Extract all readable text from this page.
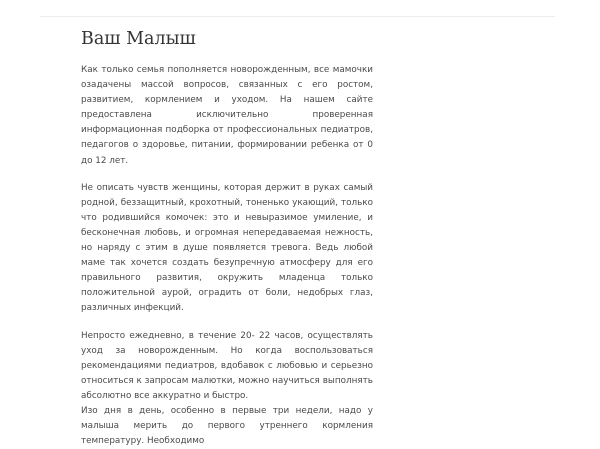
Ваш Малыш

Как только семья пополняется новорожденным, все мамочки озадачены массой вопросов, связанных с его ростом, развитием, кормлением и уходом. На нашем сайте предоставлена исключительно проверенная информационная подборка от профессиональных педиатров, педагогов о здоровье, питании, формировании ребенка от 0 до 12 лет.

Не описать чувств женщины, которая держит в руках самый родной, беззащитный, крохотный, тоненько укающий, только что родившийся комочек: это и невыразимое умиление, и бесконечная любовь, и огромная непередаваемая нежность, но наряду с этим в душе появляется тревога. Ведь любой маме так хочется создать безупречную атмосферу для его правильного развития, окружить младенца только положительной аурой, оградить от боли, недобрых глаз, различных инфекций.

Непросто ежедневно, в течение 20- 22 часов, осуществлять уход за новорожденным. Но когда воспользоваться рекомендациями педиатров, вдобавок с любовью и серьезно относиться к запросам малютки, можно научиться выполнять абсолютно все аккуратно и быстро.

Изо дня в день, особенно в первые три недели, надо у малыша мерить до первого утреннего кормления температуру. Необходимо
